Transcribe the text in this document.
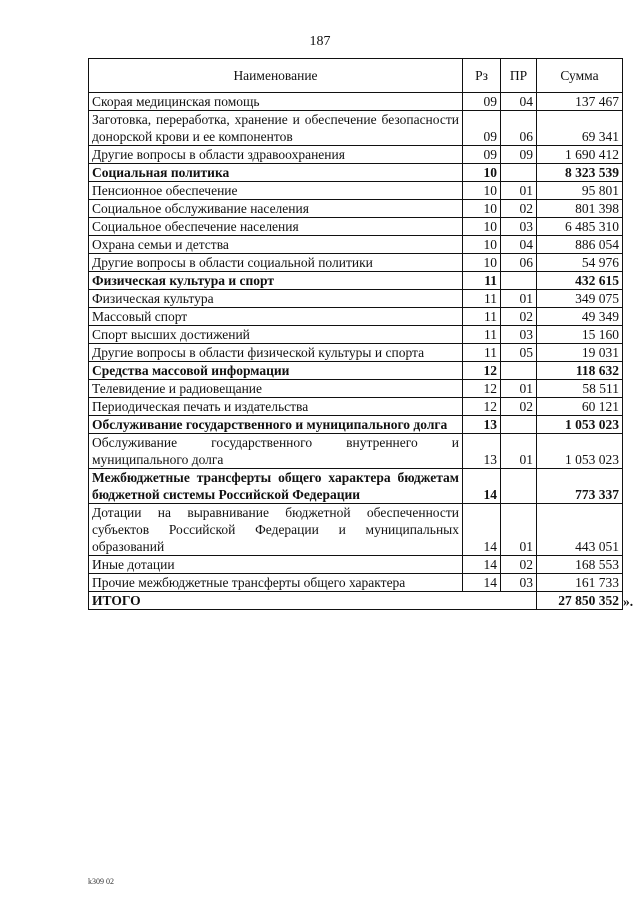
187
Наименование	Рз	ПР	Сумма	
Скорая медицинская помощь	09	04	137 467	
Заготовка, переработка, хранение и обеспечение безопасности донорской крови и ее компонентов	09	06	69 341	
Другие вопросы в области здравоохранения	09	09	1 690 412	
Социальная политика	10		8 323 539	
Пенсионное обеспечение	10	01	95 801	
Социальное обслуживание населения	10	02	801 398	
Социальное обеспечение населения	10	03	6 485 310	
Охрана семьи и детства	10	04	886 054	
Другие вопросы в области социальной политики	10	06	54 976	
Физическая культура и спорт	11		432 615	
Физическая культура	11	01	349 075	
Массовый спорт	11	02	49 349	
Спорт высших достижений	11	03	15 160	
Другие вопросы в области физической культуры и спорта	11	05	19 031	
Средства массовой информации	12		118 632	
Телевидение и радиовещание	12	01	58 511	
Периодическая печать и издательства	12	02	60 121	
Обслуживание государственного и муниципального долга	13		1 053 023	
Обслуживание государственного внутреннего и муниципального долга	13	01	1 053 023	
Межбюджетные трансферты общего характера бюджетам бюджетной системы Российской Федерации	14		773 337	
Дотации на выравнивание бюджетной обеспеченности субъектов Российской Федерации и муниципальных образований	14	01	443 051	
Иные дотации	14	02	168 553	
Прочие межбюджетные трансферты общего характера	14	03	161 733	
ИТОГО			27 850 352	».
k309 02
